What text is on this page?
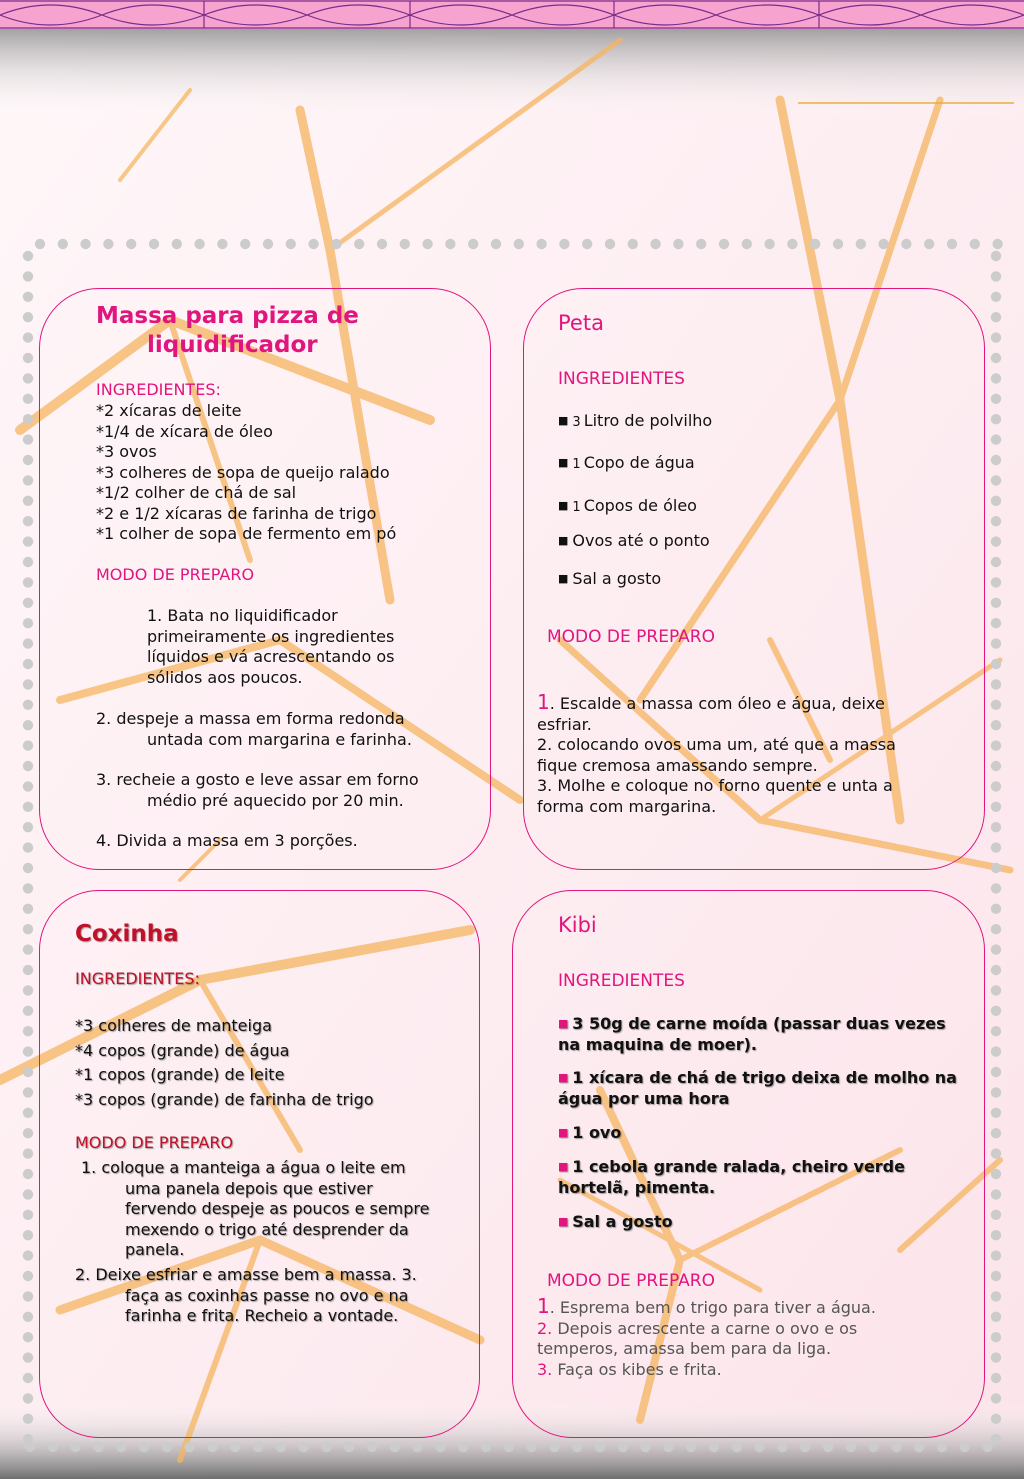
Massa para pizza de
liquidificador
INGREDIENTES:
*2 xícaras de leite
*1/4 de xícara de óleo
*3 ovos
*3 colheres de sopa de queijo ralado
*1/2 colher de chá de sal
*2 e 1/2 xícaras de farinha de trigo
*1 colher de sopa de fermento em pó
MODO DE PREPARO
1. Bata no liquidificador
primeiramente os ingredientes
líquidos e vá acrescentando os
sólidos aos poucos.
2. despeje a massa em forma redonda
untada com margarina e farinha.
3. recheie a gosto e leve assar em forno
médio pré aquecido por 20 min.
4. Divida a massa em 3 porções.
Peta
INGREDIENTES
■ 3 Litro de polvilho
■ 1 Copo de água
■ 1 Copos de óleo
■ Ovos até o ponto
■ Sal a gosto
MODO DE PREPARO
1. Escalde a massa com óleo e água, deixe
esfriar.
2. colocando ovos uma um, até que a massa
fique cremosa amassando sempre.
3. Molhe e coloque no forno quente e unta a
forma com margarina.
Coxinha
INGREDIENTES:
*3 colheres de manteiga
*4 copos (grande) de água
*1 copos (grande) de leite
*3 copos (grande) de farinha de trigo
MODO DE PREPARO
1. coloque a manteiga a água o leite em
uma panela depois que estiver
fervendo despeje as poucos e sempre
mexendo o trigo até desprender da
panela.
2. Deixe esfriar e amasse bem a massa. 3.
faça as coxinhas passe no ovo e na
farinha e frita. Recheio a vontade.
Kibi
INGREDIENTES
■ 3 50g de carne moída (passar duas vezes
na maquina de moer).
■ 1 xícara de chá de trigo deixa de molho na
água por uma hora
■ 1 ovo
■ 1 cebola grande ralada, cheiro verde
hortelã, pimenta.
■ Sal a gosto
MODO DE PREPARO
1. Esprema bem o trigo para tiver a água.
2. Depois acrescente a carne o ovo e os
temperos, amassa bem para da liga.
3. Faça os kibes e frita.
